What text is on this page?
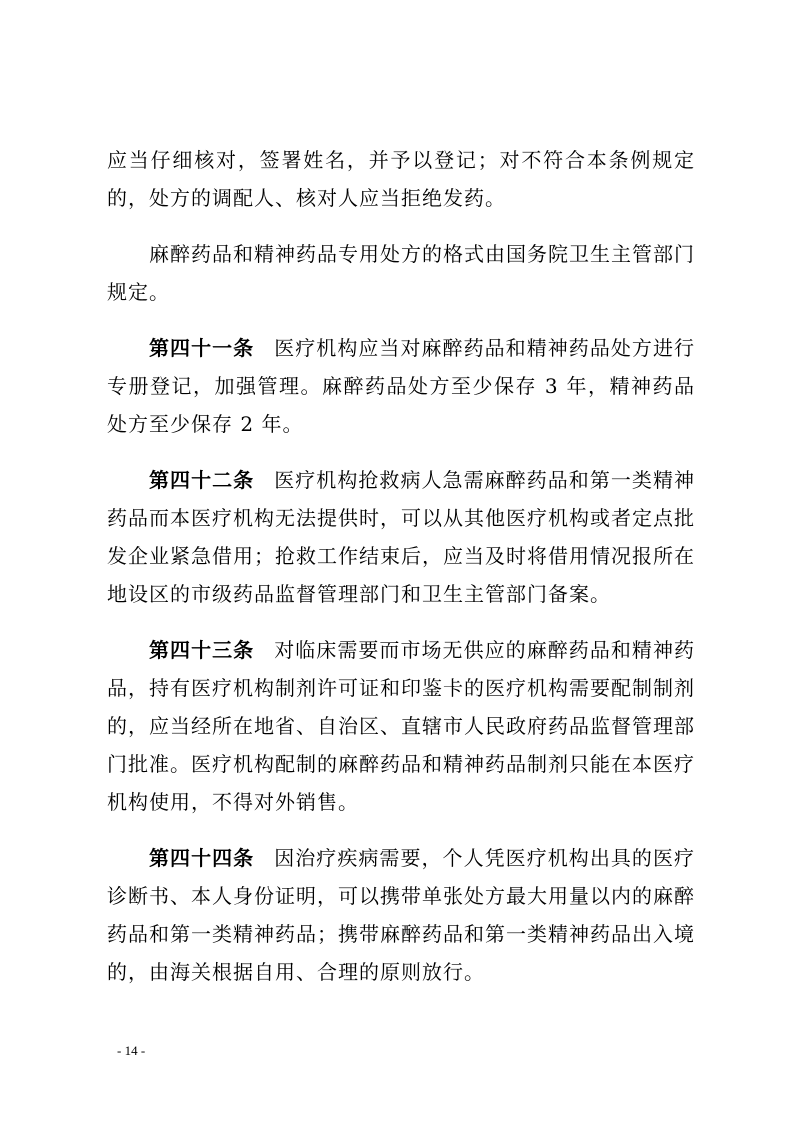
应当仔细核对，签署姓名，并予以登记；对不符合本条例规定的，处方的调配人、核对人应当拒绝发药。

麻醉药品和精神药品专用处方的格式由国务院卫生主管部门规定。

第四十一条 医疗机构应当对麻醉药品和精神药品处方进行专册登记，加强管理。麻醉药品处方至少保存 3 年，精神药品处方至少保存 2 年。

第四十二条 医疗机构抢救病人急需麻醉药品和第一类精神药品而本医疗机构无法提供时，可以从其他医疗机构或者定点批发企业紧急借用；抢救工作结束后，应当及时将借用情况报所在地设区的市级药品监督管理部门和卫生主管部门备案。

第四十三条 对临床需要而市场无供应的麻醉药品和精神药品，持有医疗机构制剂许可证和印鉴卡的医疗机构需要配制制剂的，应当经所在地省、自治区、直辖市人民政府药品监督管理部门批准。医疗机构配制的麻醉药品和精神药品制剂只能在本医疗机构使用，不得对外销售。

第四十四条 因治疗疾病需要，个人凭医疗机构出具的医疗诊断书、本人身份证明，可以携带单张处方最大用量以内的麻醉药品和第一类精神药品；携带麻醉药品和第一类精神药品出入境的，由海关根据自用、合理的原则放行。

- 14 -
